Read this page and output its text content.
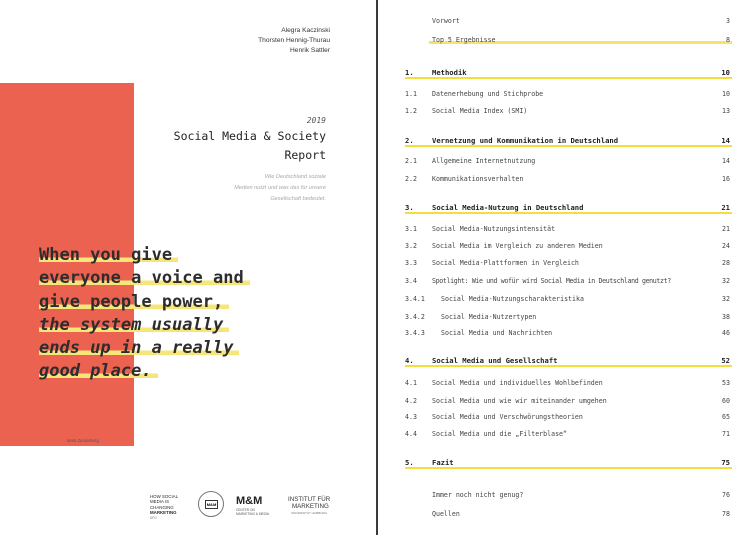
Alegra Kaczinski
Thorsten Hennig-Thurau
Henrik Sattler
2019
Social Media & Society
Report
Wie Deutschland soziale
Medien nutzt und was das für unsere
Gesellschaft bedeutet.
When you give
everyone a voice and
give people power,
the system usually
ends up in a really
good place.
Mark Zuckerberg
HOW SOCIAL
MEDIA IS
CHANGING
MARKETING
DFG
M&M M&M
CENTER ON
MARKETING & MEDIA
INSTITUT FÜR
MARKETING
UNIVERSITÄT HAMBURG
Vorwort	3
Top 5 Ergebnisse	8
1.	Methodik	10
1.1 Datenerhebung und Stichprobe	10
1.2 Social Media Index (SMI)	13
2.	Vernetzung und Kommunikation in Deutschland	14
2.1 Allgemeine Internetnutzung	14
2.2 Kommunikationsverhalten	16
3.	Social Media-Nutzung in Deutschland	21
3.1 Social Media-Nutzungsintensität	21
3.2 Social Media im Vergleich zu anderen Medien	24
3.3 Social Media-Plattformen in Vergleich	28
3.4 Spotlight: Wie und wofür wird Social Media in Deutschland genutzt?	32
3.4.1 Social Media-Nutzungscharakteristika	32
3.4.2 Social Media-Nutzertypen	38
3.4.3 Social Media und Nachrichten	46
4.	Social Media und Gesellschaft	52
4.1 Social Media und individuelles Wohlbefinden	53
4.2 Social Media und wie wir miteinander umgehen	60
4.3 Social Media und Verschwörungstheorien	65
4.4 Social Media und die „Filterblase“	71
5.	Fazit	75
Immer noch nicht genug?	76
Quellen	78
